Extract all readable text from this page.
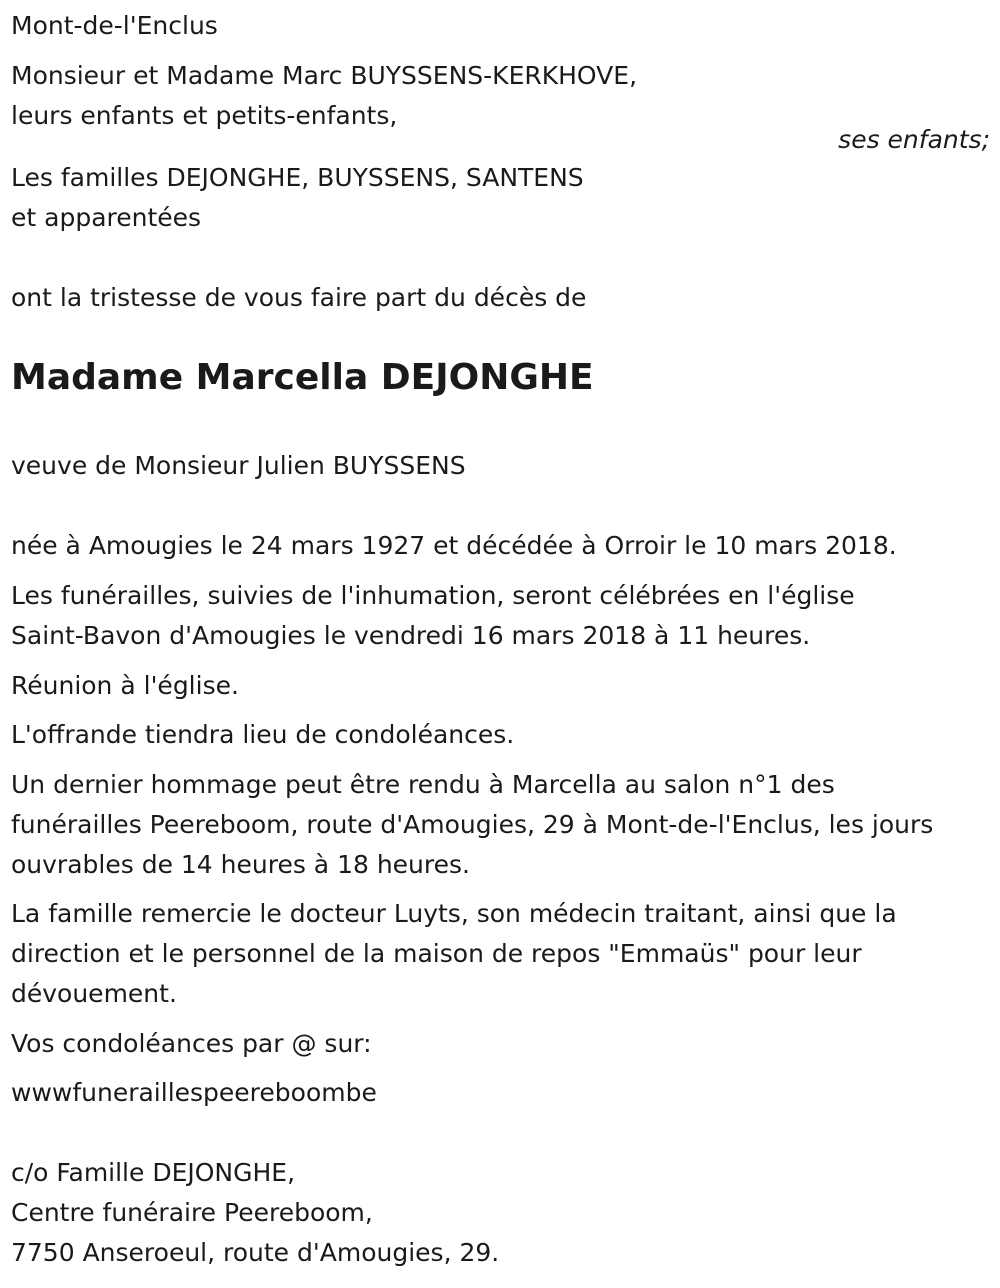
Mont-de-l'Enclus
Monsieur et Madame Marc BUYSSENS-KERKHOVE,
leurs enfants et petits-enfants,
ses enfants;
Les familles DEJONGHE, BUYSSENS, SANTENS
et apparentées
ont la tristesse de vous faire part du décès de
Madame Marcella DEJONGHE
veuve de Monsieur Julien BUYSSENS
née à Amougies le 24 mars 1927 et décédée à Orroir le 10 mars 2018.
Les funérailles, suivies de l'inhumation, seront célébrées en l'église
Saint-Bavon d'Amougies le vendredi 16 mars 2018 à 11 heures.
Réunion à l'église.
L'offrande tiendra lieu de condoléances.
Un dernier hommage peut être rendu à Marcella au salon n°1 des
funérailles Peereboom, route d'Amougies, 29 à Mont-de-l'Enclus, les jours
ouvrables de 14 heures à 18 heures.
La famille remercie le docteur Luyts, son médecin traitant, ainsi que la
direction et le personnel de la maison de repos "Emmaüs" pour leur
dévouement.
Vos condoléances par @ sur:
wwwfuneraillespeereboombe
c/o Famille DEJONGHE,
Centre funéraire Peereboom,
7750 Anseroeul, route d'Amougies, 29.
